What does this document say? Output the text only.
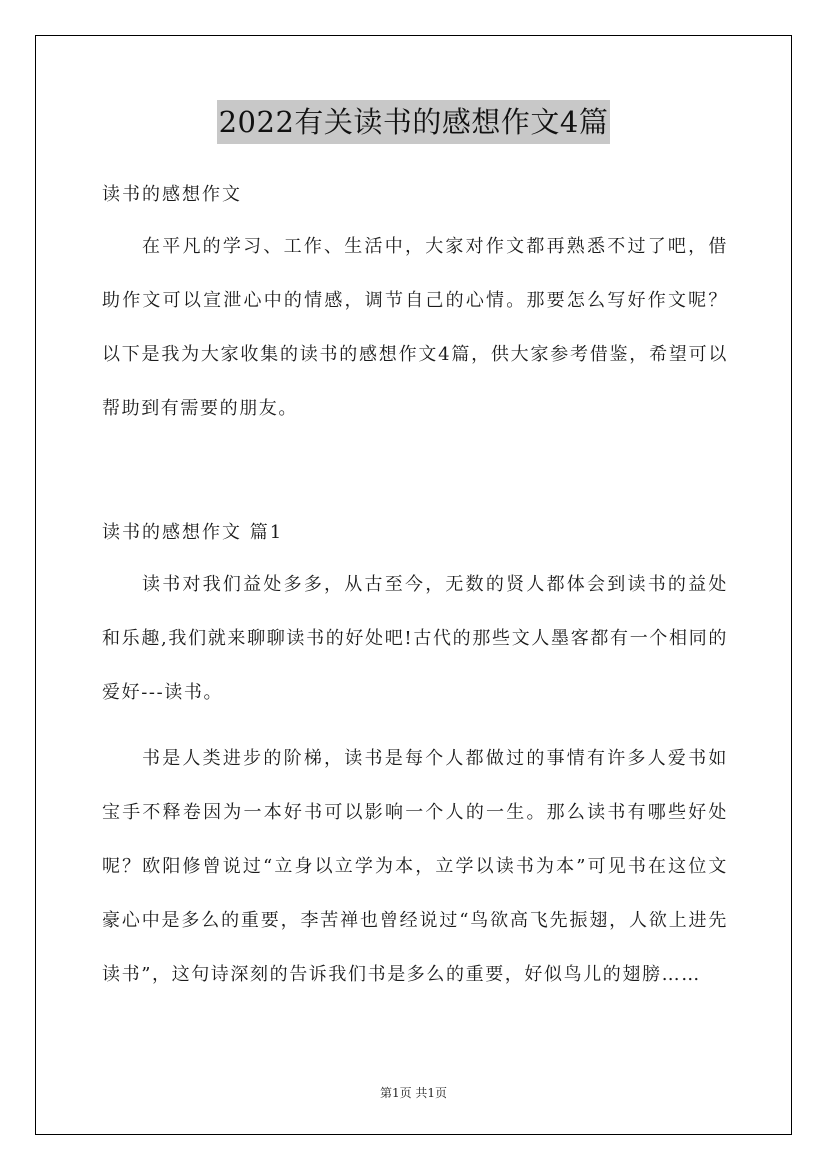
2022有关读书的感想作文4篇
读书的感想作文

在平凡的学习、工作、生活中，大家对作文都再熟悉不过了吧，借助作文可以宣泄心中的情感，调节自己的心情。那要怎么写好作文呢？以下是我为大家收集的读书的感想作文4篇，供大家参考借鉴，希望可以帮助到有需要的朋友。

读书的感想作文 篇1

读书对我们益处多多，从古至今，无数的贤人都体会到读书的益处和乐趣,我们就来聊聊读书的好处吧!古代的那些文人墨客都有一个相同的爱好---读书。

书是人类进步的阶梯，读书是每个人都做过的事情有许多人爱书如宝手不释卷因为一本好书可以影响一个人的一生。那么读书有哪些好处呢？欧阳修曾说过“立身以立学为本，立学以读书为本”可见书在这位文豪心中是多么的重要，李苦禅也曾经说过“鸟欲高飞先振翅，人欲上进先读书”，这句诗深刻的告诉我们书是多么的重要，好似鸟儿的翅膀……

第1页 共1页
